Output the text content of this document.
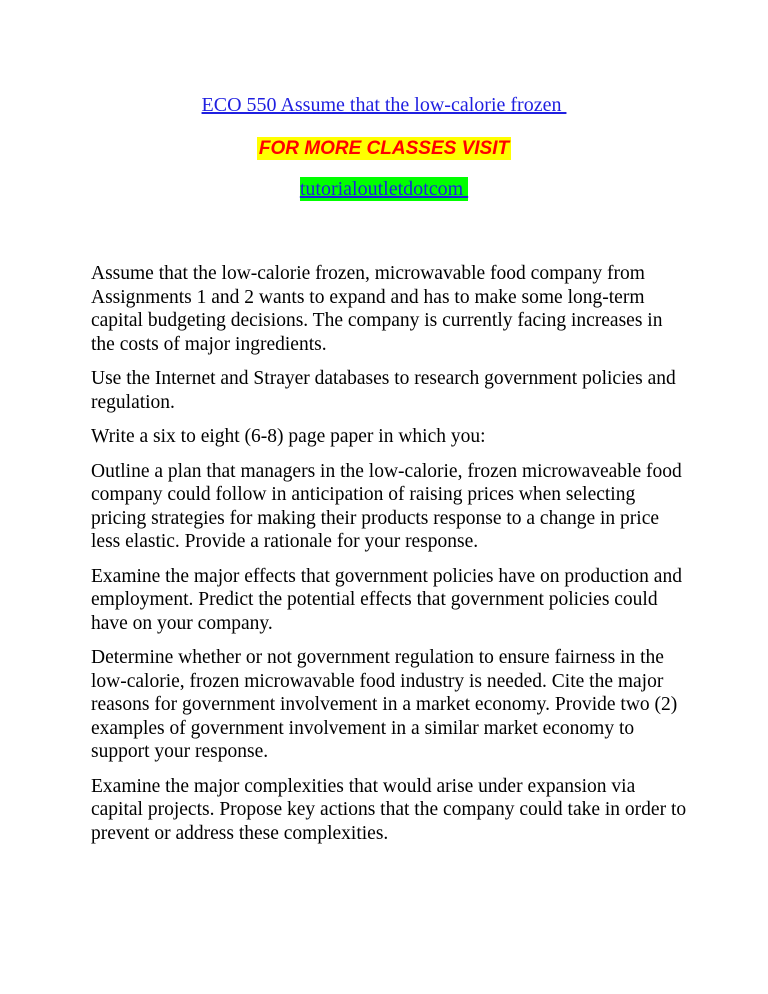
ECO 550 Assume that the low-calorie frozen
FOR MORE CLASSES VISIT
tutorialoutletdotcom

Assume that the low-calorie frozen, microwavable food company from Assignments 1 and 2 wants to expand and has to make some long-term capital budgeting decisions. The company is currently facing increases in the costs of major ingredients.

Use the Internet and Strayer databases to research government policies and regulation.

Write a six to eight (6-8) page paper in which you:

Outline a plan that managers in the low-calorie, frozen microwaveable food company could follow in anticipation of raising prices when selecting pricing strategies for making their products response to a change in price less elastic. Provide a rationale for your response.

Examine the major effects that government policies have on production and employment. Predict the potential effects that government policies could have on your company.

Determine whether or not government regulation to ensure fairness in the low-calorie, frozen microwavable food industry is needed. Cite the major reasons for government involvement in a market economy. Provide two (2) examples of government involvement in a similar market economy to support your response.

Examine the major complexities that would arise under expansion via capital projects. Propose key actions that the company could take in order to prevent or address these complexities.
